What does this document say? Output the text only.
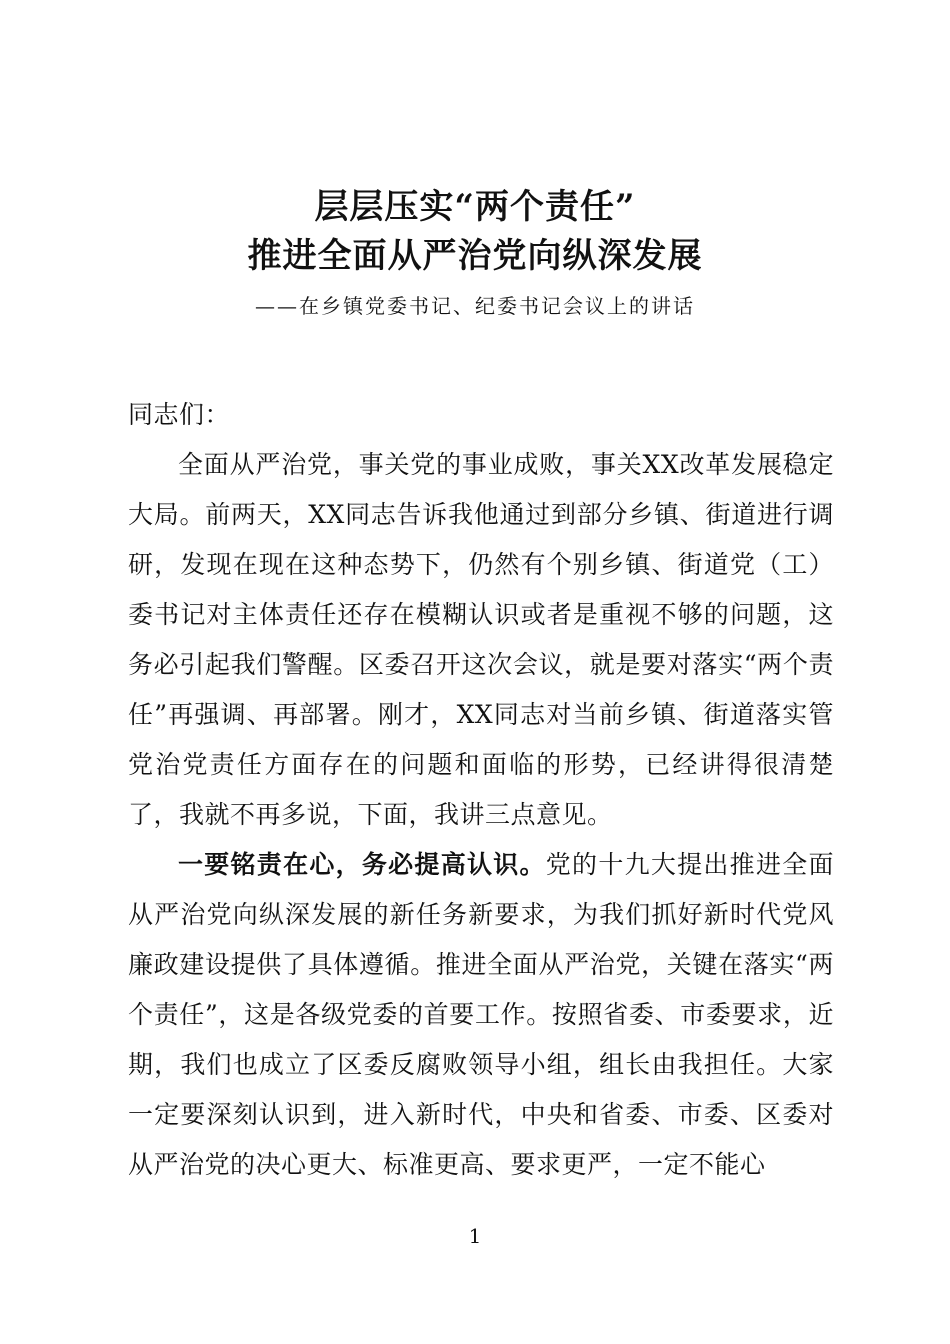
层层压实“两个责任”
推进全面从严治党向纵深发展
——在乡镇党委书记、纪委书记会议上的讲话

同志们：

全面从严治党，事关党的事业成败，事关XX改革发展稳定大局。前两天，XX同志告诉我他通过到部分乡镇、街道进行调研，发现在现在这种态势下，仍然有个别乡镇、街道党（工）委书记对主体责任还存在模糊认识或者是重视不够的问题，这务必引起我们警醒。区委召开这次会议，就是要对落实“两个责任”再强调、再部署。刚才，XX同志对当前乡镇、街道落实管党治党责任方面存在的问题和面临的形势，已经讲得很清楚了，我就不再多说，下面，我讲三点意见。

一要铭责在心，务必提高认识。党的十九大提出推进全面从严治党向纵深发展的新任务新要求，为我们抓好新时代党风廉政建设提供了具体遵循。推进全面从严治党，关键在落实“两个责任”，这是各级党委的首要工作。按照省委、市委要求，近期，我们也成立了区委反腐败领导小组，组长由我担任。大家一定要深刻认识到，进入新时代，中央和省委、市委、区委对从严治党的决心更大、标准更高、要求更严，一定不能心

1
